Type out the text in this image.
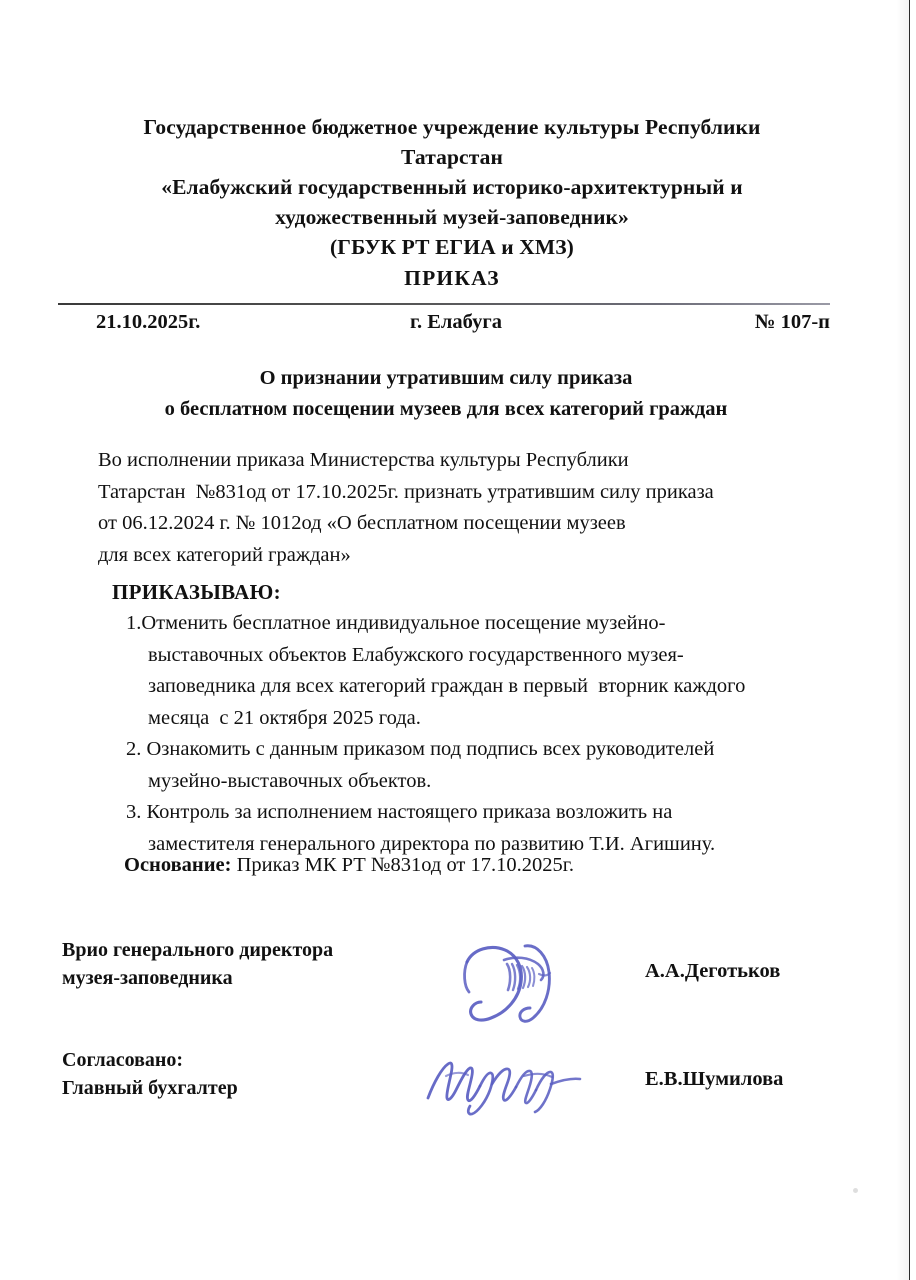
Государственное бюджетное учреждение культуры Республики
Татарстан
«Елабужский государственный историко-архитектурный и
художественный музей-заповедник»
(ГБУК РТ ЕГИА и ХМЗ)
ПРИКАЗ
21.10.2025г.	г. Елабуга	№ 107-п
О признании утратившим силу приказа
о бесплатном посещении музеев для всех категорий граждан
Во исполнении приказа Министерства культуры Республики
Татарстан  №831од от 17.10.2025г. признать утратившим силу приказа
от 06.12.2024 г. № 1012од «О бесплатном посещении музеев
для всех категорий граждан»
ПРИКАЗЫВАЮ:
1.Отменить бесплатное индивидуальное посещение музейно-
выставочных объектов Елабужского государственного музея-
заповедника для всех категорий граждан в первый  вторник каждого
месяца  с 21 октября 2025 года.
2. Ознакомить с данным приказом под подпись всех руководителей
музейно-выставочных объектов.
3. Контроль за исполнением настоящего приказа возложить на
заместителя генерального директора по развитию Т.И. Агишину.
Основание: Приказ МК РТ №831од от 17.10.2025г.
Врио генерального директора
музея-заповедника	А.А.Деготьков
Согласовано:
Главный бухгалтер	Е.В.Шумилова
